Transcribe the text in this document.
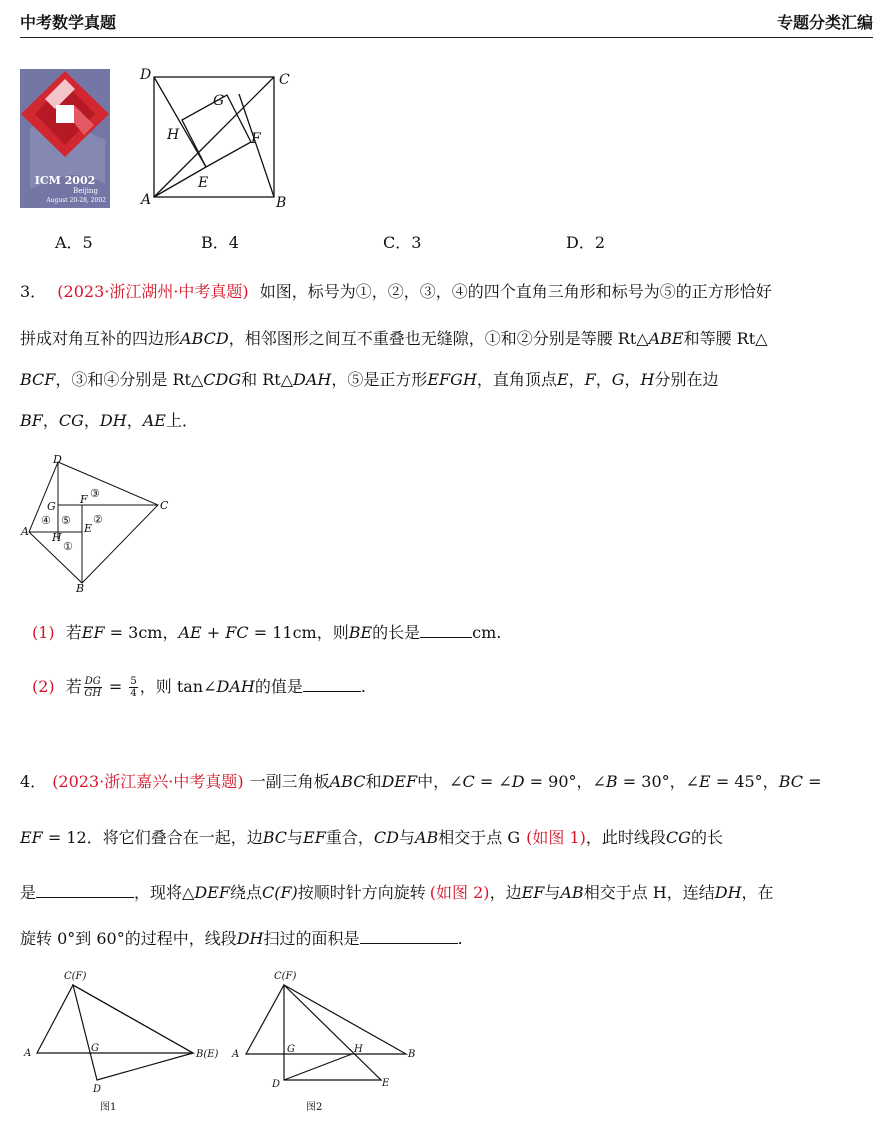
中考数学真题	专题分类汇编
ICM 2002
Beijing
August 20-28, 2002
D	C
G
H	F
E
A	B
A．5	B．4	C．3	D．2
3． (2023·浙江湖州·中考真题) 如图，标号为①，②，③，④的四个直角三角形和标号为⑤的正方形恰好
拼成对角互补的四边形ABCD，相邻图形之间互不重叠也无缝隙，①和②分别是等腰 Rt△ABE和等腰 Rt△
BCF，③和④分别是 Rt△CDG和 Rt△DAH，⑤是正方形EFGH，直角顶点E，F，G，H分别在边
BF，CG，DH，AE上．
D
F ③
G	C
④ ⑤
E
②
A H
①
B
(1) 若EF = 3cm，AE + FC = 11cm，则BE的长是	cm.
(2) 若 $\frac{DG}{GH} = \frac{5}{4}$ ，则 tan∠DAH的值是	.
4． (2023·浙江嘉兴·中考真题) 一副三角板ABC和DEF中，∠C = ∠D = 90°，∠B = 30°，∠E = 45°，BC =
EF = 12．将它们叠合在一起，边BC与EF重合，CD与AB相交于点 G (如图 1)，此时线段CG的长
是	，现将△DEF绕点C(F)按顺时针方向旋转 (如图 2)，边EF与AB相交于点 H，连结DH，在
旋转 0°到 60°的过程中，线段DH扫过的面积是	.
C(F)
A	G
B(E)
D
图1
C(F)
A	G	H	B
D	E
图2
